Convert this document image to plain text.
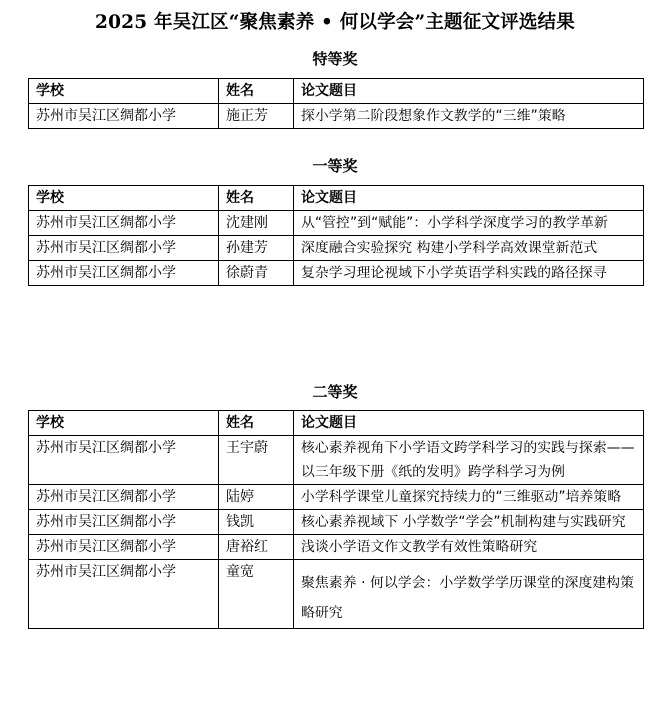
2025 年吴江区“聚焦素养 • 何以学会”主题征文评选结果
特等奖
学校	姓名	论文题目
苏州市吴江区绸都小学	施正芳	探小学第二阶段想象作文教学的“三维”策略
一等奖
学校	姓名	论文题目
苏州市吴江区绸都小学	沈建刚	从“管控”到“赋能”：小学科学深度学习的教学革新
苏州市吴江区绸都小学	孙建芳	深度融合实验探究 构建小学科学高效课堂新范式
苏州市吴江区绸都小学	徐蔚青	复杂学习理论视域下小学英语学科实践的路径探寻
二等奖
学校	姓名	论文题目
苏州市吴江区绸都小学	王宇蔚	核心素养视角下小学语文跨学科学习的实践与探索——以三年级下册《纸的发明》跨学科学习为例
苏州市吴江区绸都小学	陆婷	小学科学课堂儿童探究持续力的“三维驱动”培养策略
苏州市吴江区绸都小学	钱凯	核心素养视域下 小学数学“学会”机制构建与实践研究
苏州市吴江区绸都小学	唐裕红	浅谈小学语文作文教学有效性策略研究
苏州市吴江区绸都小学	童宽	聚焦素养 · 何以学会：小学数学学历课堂的深度建构策略研究
